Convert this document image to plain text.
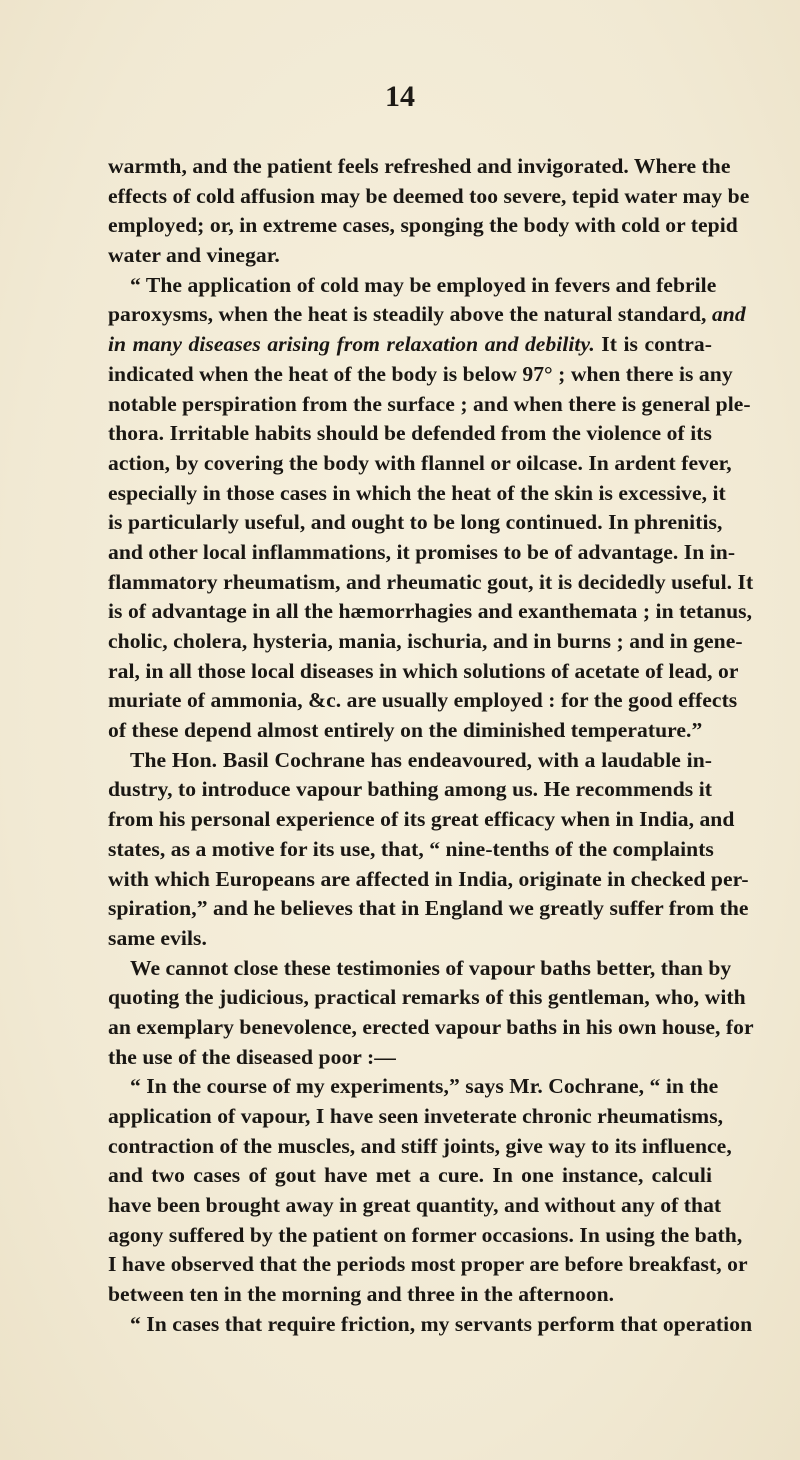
14
warmth, and the patient feels refreshed and invigorated. Where the
effects of cold affusion may be deemed too severe, tepid water may be
employed; or, in extreme cases, sponging the body with cold or tepid
water and vinegar.
“ The application of cold may be employed in fevers and febrile
paroxysms, when the heat is steadily above the natural standard, and
in many diseases arising from relaxation and debility. It is contra-
indicated when the heat of the body is below 97° ; when there is any
notable perspiration from the surface ; and when there is general ple-
thora. Irritable habits should be defended from the violence of its
action, by covering the body with flannel or oilcase. In ardent fever,
especially in those cases in which the heat of the skin is excessive, it
is particularly useful, and ought to be long continued. In phrenitis,
and other local inflammations, it promises to be of advantage. In in-
flammatory rheumatism, and rheumatic gout, it is decidedly useful. It
is of advantage in all the hæmorrhagies and exanthemata ; in tetanus,
cholic, cholera, hysteria, mania, ischuria, and in burns ; and in gene-
ral, in all those local diseases in which solutions of acetate of lead, or
muriate of ammonia, &c. are usually employed : for the good effects
of these depend almost entirely on the diminished temperature.”
The Hon. Basil Cochrane has endeavoured, with a laudable in-
dustry, to introduce vapour bathing among us. He recommends it
from his personal experience of its great efficacy when in India, and
states, as a motive for its use, that, “ nine-tenths of the complaints
with which Europeans are affected in India, originate in checked per-
spiration,” and he believes that in England we greatly suffer from the
same evils.
We cannot close these testimonies of vapour baths better, than by
quoting the judicious, practical remarks of this gentleman, who, with
an exemplary benevolence, erected vapour baths in his own house, for
the use of the diseased poor :—
“ In the course of my experiments,” says Mr. Cochrane, “ in the
application of vapour, I have seen inveterate chronic rheumatisms,
contraction of the muscles, and stiff joints, give way to its influence,
and two cases of gout have met a cure. In one instance, calculi
have been brought away in great quantity, and without any of that
agony suffered by the patient on former occasions. In using the bath,
I have observed that the periods most proper are before breakfast, or
between ten in the morning and three in the afternoon.
“ In cases that require friction, my servants perform that operation
